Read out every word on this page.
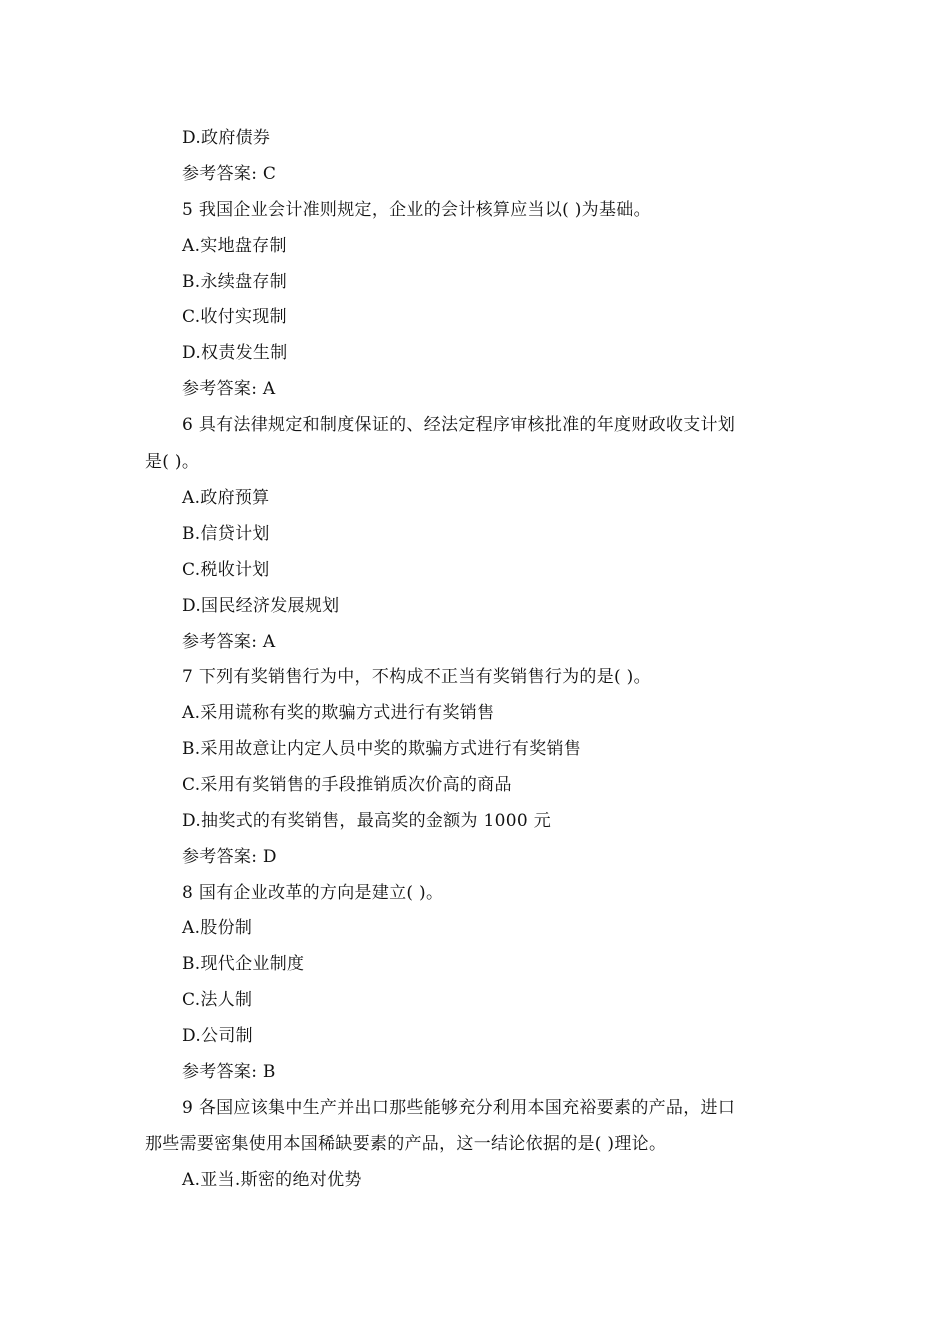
D.政府债券
参考答案: C
5 我国企业会计准则规定，企业的会计核算应当以( )为基础。
A.实地盘存制
B.永续盘存制
C.收付实现制
D.权责发生制
参考答案: A
6 具有法律规定和制度保证的、经法定程序审核批准的年度财政收支计划
是( )。
A.政府预算
B.信贷计划
C.税收计划
D.国民经济发展规划
参考答案: A
7 下列有奖销售行为中，不构成不正当有奖销售行为的是( )。
A.采用谎称有奖的欺骗方式进行有奖销售
B.采用故意让内定人员中奖的欺骗方式进行有奖销售
C.采用有奖销售的手段推销质次价高的商品
D.抽奖式的有奖销售，最高奖的金额为 1000 元
参考答案: D
8 国有企业改革的方向是建立( )。
A.股份制
B.现代企业制度
C.法人制
D.公司制
参考答案: B
9 各国应该集中生产并出口那些能够充分利用本国充裕要素的产品，进口
那些需要密集使用本国稀缺要素的产品，这一结论依据的是( )理论。
A.亚当.斯密的绝对优势
